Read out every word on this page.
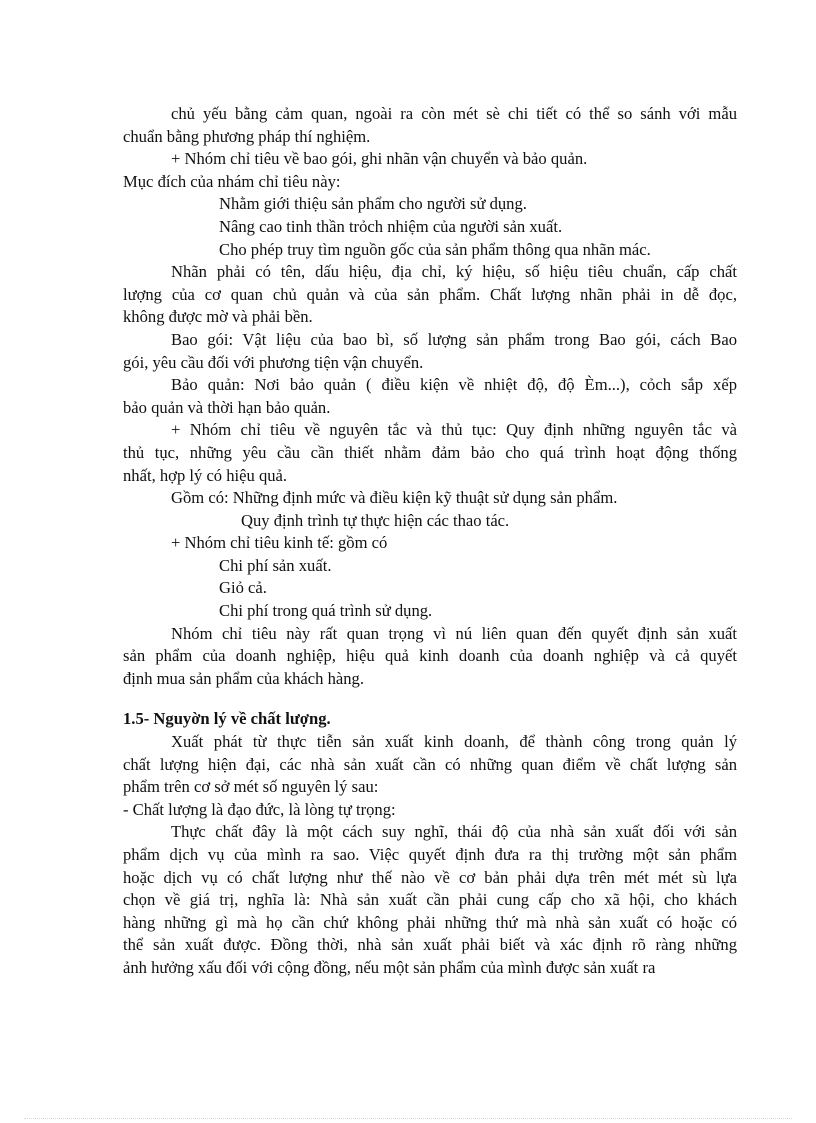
chủ yếu bằng cảm quan, ngoài ra còn mét sè chi tiết có thể so sánh với mẫu
chuẩn bằng phương pháp thí nghiệm.
+ Nhóm chỉ tiêu về bao gói, ghi nhãn vận chuyển và bảo quản.
Mục đích của nhám chỉ tiêu này:
Nhằm giới thiệu sản phẩm cho người sử dụng.
Nâng cao tinh thần trỏch nhiệm của người sản xuất.
Cho phép truy tìm nguồn gốc của sản phẩm thông qua nhãn mác.
Nhãn phải có tên, dấu hiệu, địa chỉ, ký hiệu, số hiệu tiêu chuẩn, cấp chất
lượng của cơ quan chủ quản và của sản phẩm. Chất lượng nhãn phải in dễ đọc,
không được mờ và phải bền.
Bao gói: Vật liệu của bao bì, số lượng sản phẩm trong Bao gói, cách Bao
gói, yêu cầu đối với phương tiện vận chuyển.
Bảo quản: Nơi bảo quản ( điều kiện về nhiệt độ, độ Èm...), cỏch sắp xếp
bảo quản và thời hạn bảo quản.
+ Nhóm chỉ tiêu về nguyên tắc và thủ tục: Quy định những nguyên tắc và
thủ tục, những yêu cầu cần thiết nhằm đảm bảo cho quá trình hoạt động thống
nhất, hợp lý có hiệu quả.
Gồm có: Những định mức và điều kiện kỹ thuật sử dụng sản phẩm.
Quy định trình tự thực hiện các thao tác.
+ Nhóm chỉ tiêu kinh tế: gồm có
Chi phí sản xuất.
Giỏ cả.
Chi phí trong quá trình sử dụng.
Nhóm chỉ tiêu này rất quan trọng vì nú liên quan đến quyết định sản xuất
sản phẩm của doanh nghiệp, hiệu quả kinh doanh của doanh nghiệp và cả quyết
định mua sản phẩm của khách hàng.
1.5- Nguyờn lý về chất lượng.
Xuất phát từ thực tiễn sản xuất kinh doanh, để thành công trong quản lý
chất lượng hiện đại, các nhà sản xuất cần có những quan điểm về chất lượng sản
phẩm trên cơ sở mét số nguyên lý sau:
- Chất lượng là đạo đức, là lòng tự trọng:
Thực chất đây là một cách suy nghĩ, thái độ của nhà sản xuất đối với sản
phẩm dịch vụ của mình ra sao. Việc quyết định đưa ra thị trường một sản phẩm
hoặc dịch vụ có chất lượng như thế nào về cơ bản phải dựa trên mét mét sù lựa
chọn về giá trị, nghĩa là: Nhà sản xuất cần phải cung cấp cho xã hội, cho khách
hàng những gì mà họ cần chứ không phải những thứ mà nhà sản xuất có hoặc có
thể sản xuất được. Đồng thời, nhà sản xuất phải biết và xác định rõ ràng những
ảnh hưởng xấu đối với cộng đồng, nếu một sản phẩm của mình được sản xuất ra
